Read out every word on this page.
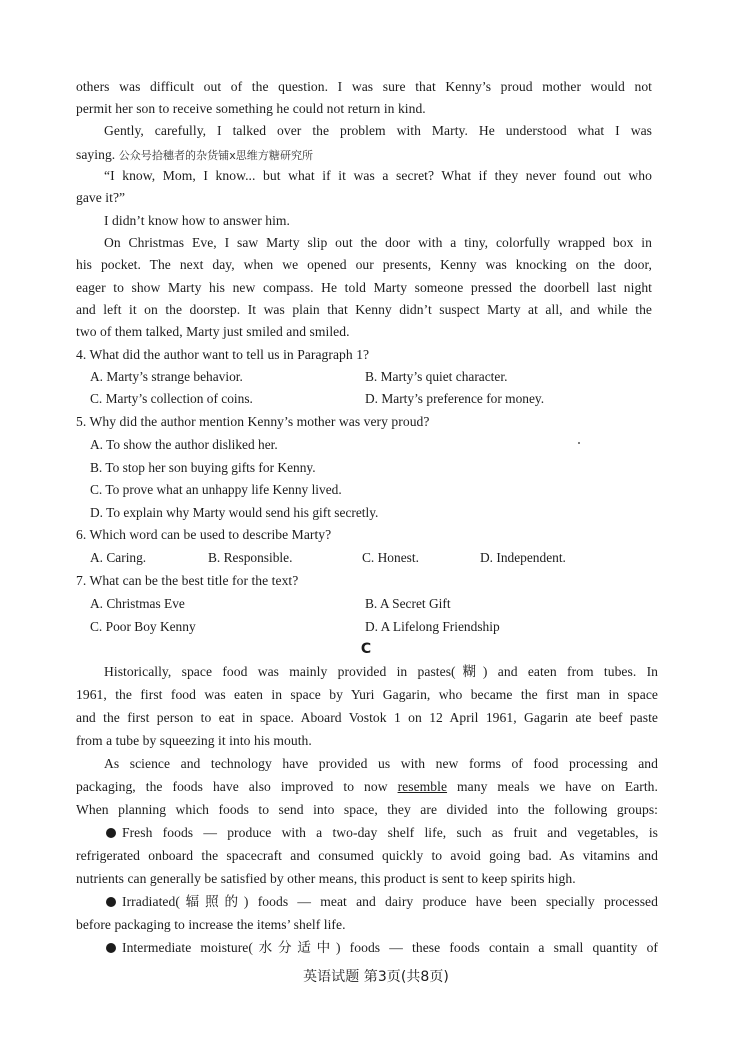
others was difficult out of the question. I was sure that Kenny’s proud mother would not
permit her son to receive something he could not return in kind.
Gently, carefully, I talked over the problem with Marty. He understood what I was
saying. 公众号拾穗者的杂货铺x思维方糖研究所
“I know, Mom, I know... but what if it was a secret? What if they never found out who
gave it?”
I didn’t know how to answer him.
On Christmas Eve, I saw Marty slip out the door with a tiny, colorfully wrapped box in
his pocket. The next day, when we opened our presents, Kenny was knocking on the door,
eager to show Marty his new compass. He told Marty someone pressed the doorbell last night
and left it on the doorstep. It was plain that Kenny didn’t suspect Marty at all, and while the
two of them talked, Marty just smiled and smiled.
4. What did the author want to tell us in Paragraph 1?
A. Marty’s strange behavior.	B. Marty’s quiet character.
C. Marty’s collection of coins.	D. Marty’s preference for money.
5. Why did the author mention Kenny’s mother was very proud?
A. To show the author disliked her.
B. To stop her son buying gifts for Kenny.
C. To prove what an unhappy life Kenny lived.
D. To explain why Marty would send his gift secretly.
6. Which word can be used to describe Marty?
A. Caring.	B. Responsible.	C. Honest.	D. Independent.
7. What can be the best title for the text?
A. Christmas Eve	B. A Secret Gift
C. Poor Boy Kenny	D. A Lifelong Friendship
C
Historically, space food was mainly provided in pastes(糊) and eaten from tubes. In
1961, the first food was eaten in space by Yuri Gagarin, who became the first man in space
and the first person to eat in space. Aboard Vostok 1 on 12 April 1961, Gagarin ate beef paste
from a tube by squeezing it into his mouth.
As science and technology have provided us with new forms of food processing and
packaging, the foods have also improved to now resemble many meals we have on Earth.
When planning which foods to send into space, they are divided into the following groups:
Fresh foods — produce with a two-day shelf life, such as fruit and vegetables, is
refrigerated onboard the spacecraft and consumed quickly to avoid going bad. As vitamins and
nutrients can generally be satisfied by other means, this product is sent to keep spirits high.
Irradiated(辐照的) foods — meat and dairy produce have been specially processed
before packaging to increase the items’ shelf life.
Intermediate moisture(水分适中) foods — these foods contain a small quantity of
英语试题 第3页(共8页)
